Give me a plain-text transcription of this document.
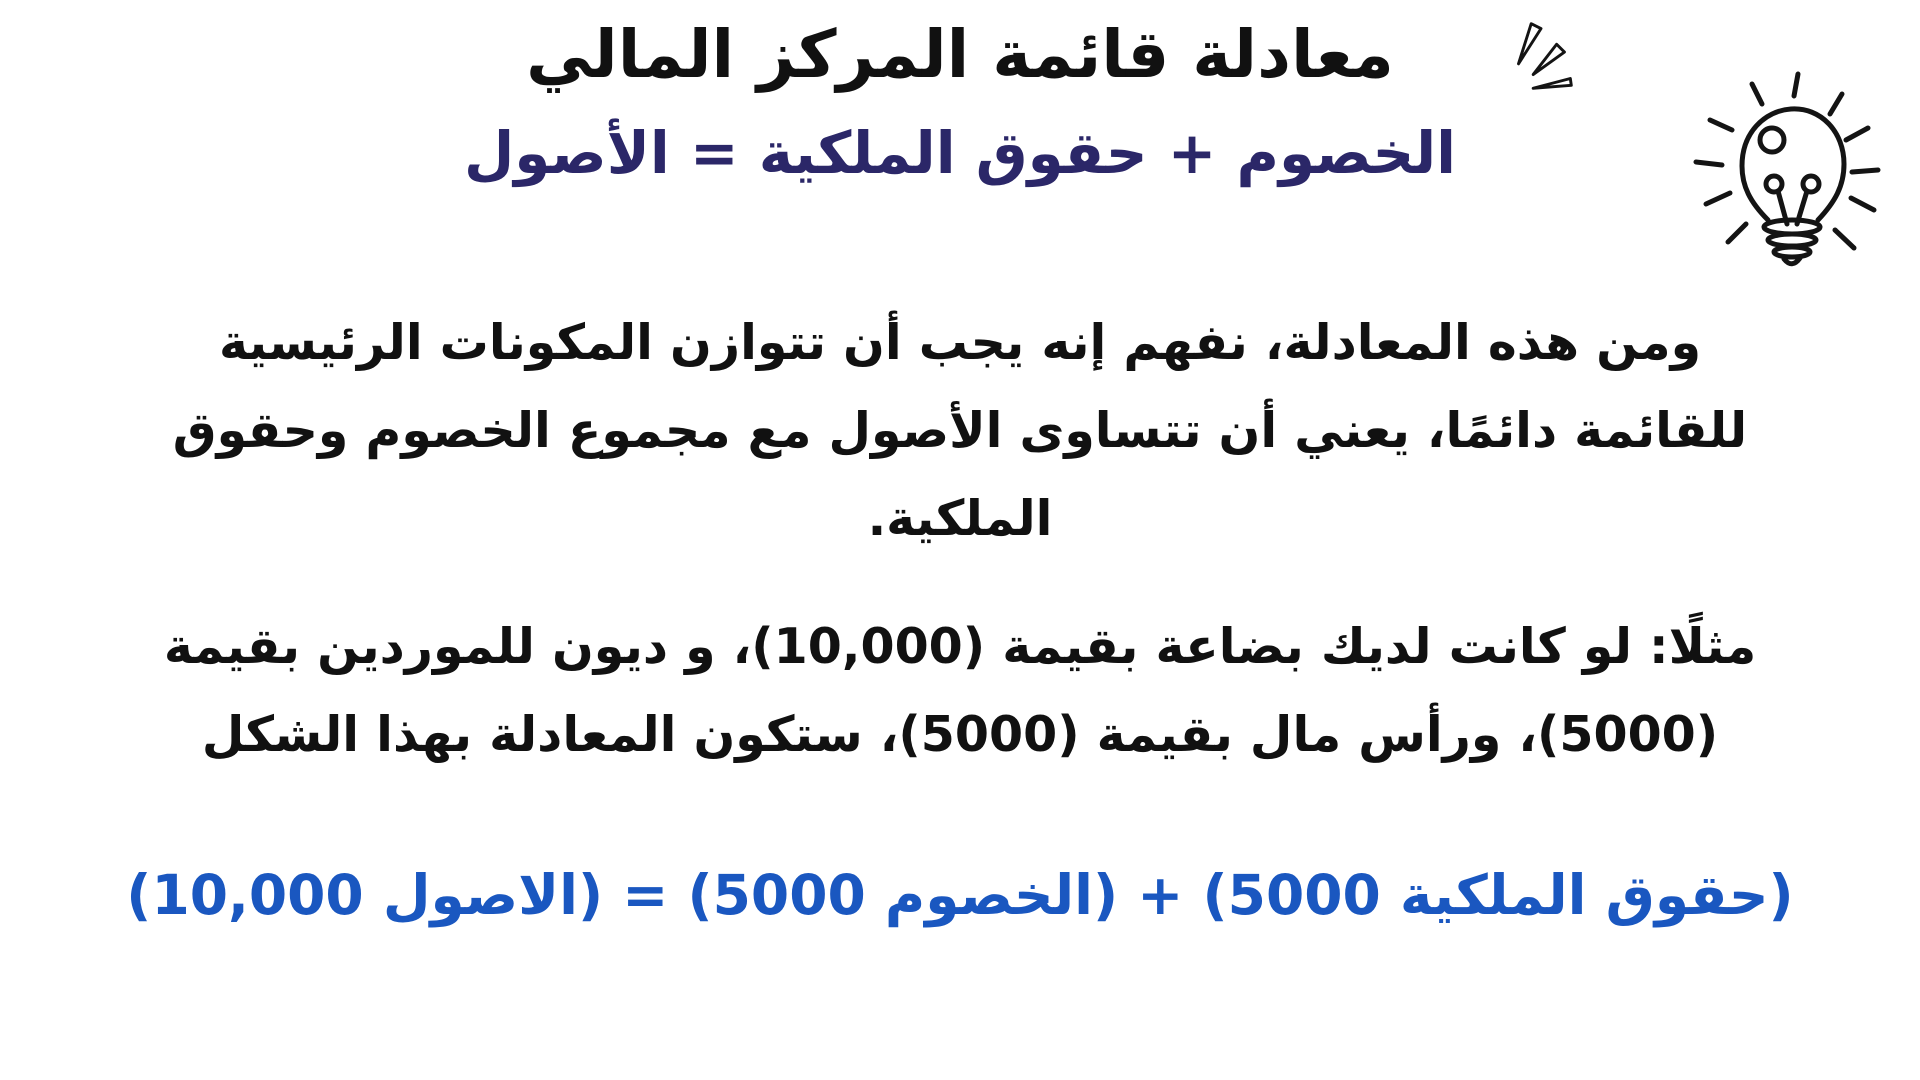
معادلة قائمة المركز المالي
الخصوم + حقوق الملكية = الأصول
ومن هذه المعادلة، نفهم إنه يجب أن تتوازن المكونات الرئيسية
للقائمة دائمًا، يعني أن تتساوى الأصول مع مجموع الخصوم وحقوق
الملكية.
مثلًا: لو كانت لديك بضاعة بقيمة (10,000)، و ديون للموردين بقيمة
(5000)، ورأس مال بقيمة (5000)، ستكون المعادلة بهذا الشكل
(حقوق الملكية 5000) + (الخصوم 5000) = (الاصول 10,000)
